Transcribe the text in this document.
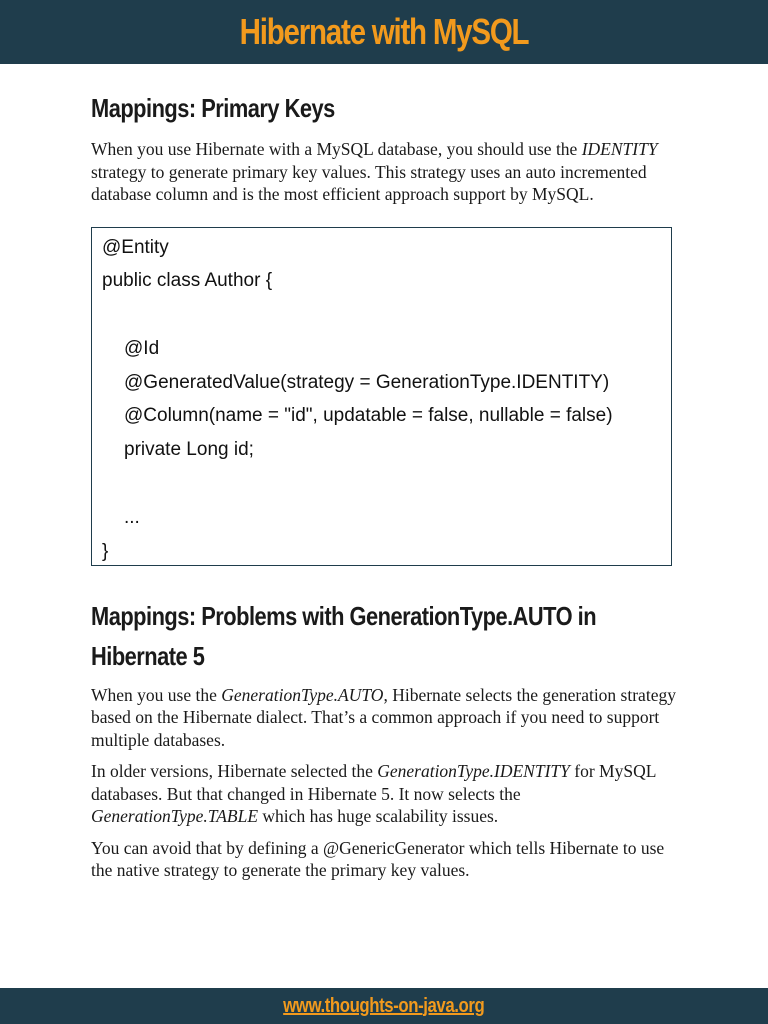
Hibernate with MySQL
Mappings: Primary Keys

When you use Hibernate with a MySQL database, you should use the IDENTITY strategy to generate primary key values. This strategy uses an auto incremented database column and is the most efficient approach support by MySQL.

@Entity
public class Author {
@Id
@GeneratedValue(strategy = GenerationType.IDENTITY)
@Column(name = "id", updatable = false, nullable = false)
private Long id;
...
}
Mappings: Problems with GenerationType.AUTO in
Hibernate 5

When you use the GenerationType.AUTO, Hibernate selects the generation strategy based on the Hibernate dialect. That’s a common approach if you need to support multiple databases.

In older versions, Hibernate selected the GenerationType.IDENTITY for MySQL databases. But that changed in Hibernate 5. It now selects the GenerationType.TABLE which has huge scalability issues.

You can avoid that by defining a @GenericGenerator which tells Hibernate to use the native strategy to generate the primary key values.

www.thoughts-on-java.org
